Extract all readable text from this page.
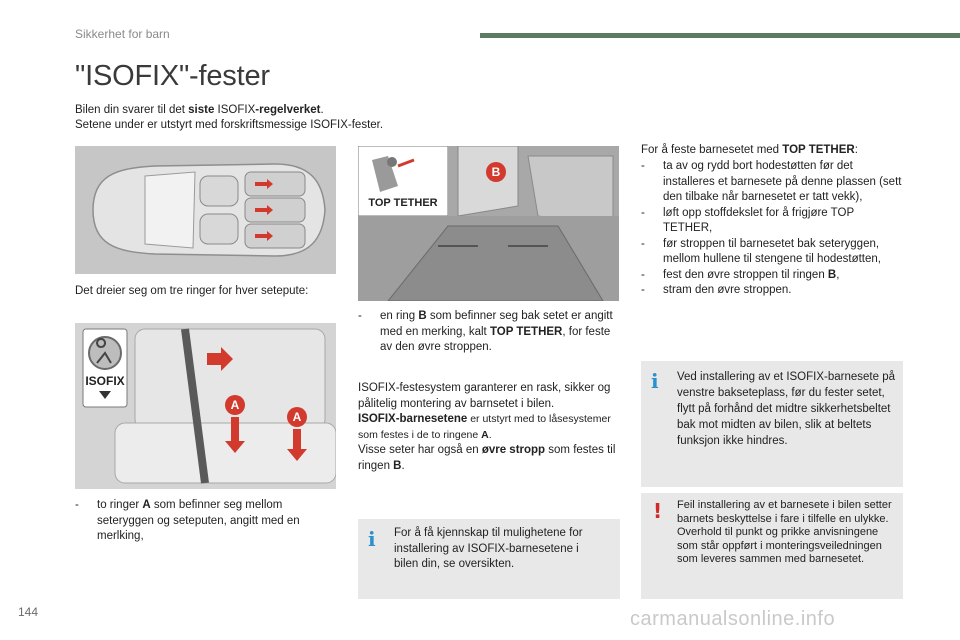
Sikkerhet for barn
"ISOFIX"-fester
Bilen din svarer til det siste ISOFIX-regelverket.
Setene under er utstyrt med forskriftsmessige ISOFIX-fester.
Det dreier seg om tre ringer for hver setepute:
ISOFIX
A
A
-	to ringer A som befinner seg mellom seteryggen og seteputen, angitt med en merlking,
TOP TETHER
B
-	en ring B som befinner seg bak setet er angitt med en merking, kalt TOP TETHER, for feste av den øvre stroppen.
ISOFIX-festesystem garanterer en rask, sikker og pålitelig montering av barnsetet i bilen.
ISOFIX-barnesetene er utstyrt med to låsesystemer som festes i de to ringene A.
Visse seter har også en øvre stropp som festes til ringen B.
i For å få kjennskap til mulighetene for installering av ISOFIX-barnesetene i bilen din, se oversikten.
For å feste barnesetet med TOP TETHER:
-	ta av og rydd bort hodestøtten før det installeres et barnesete på denne plassen (sett den tilbake når barnesetet er tatt vekk),
-	løft opp stoffdekslet for å frigjøre TOP TETHER,
-	før stroppen til barnesetet bak seteryggen, mellom hullene til stengene til hodestøtten,
-	fest den øvre stroppen til ringen B,
-	stram den øvre stroppen.
i Ved installering av et ISOFIX-barnesete på venstre bakseteplass, før du fester setet, flytt på forhånd det midtre sikkerhetsbeltet bak mot midten av bilen, slik at beltets funksjon ikke hindres.
! Feil installering av et barnesete i bilen setter barnets beskyttelse i fare i tilfelle en ulykke. Overhold til punkt og prikke anvisningene som står oppført i monteringsveiledningen som leveres sammen med barnesetet.
144	carmanualsonline.info
